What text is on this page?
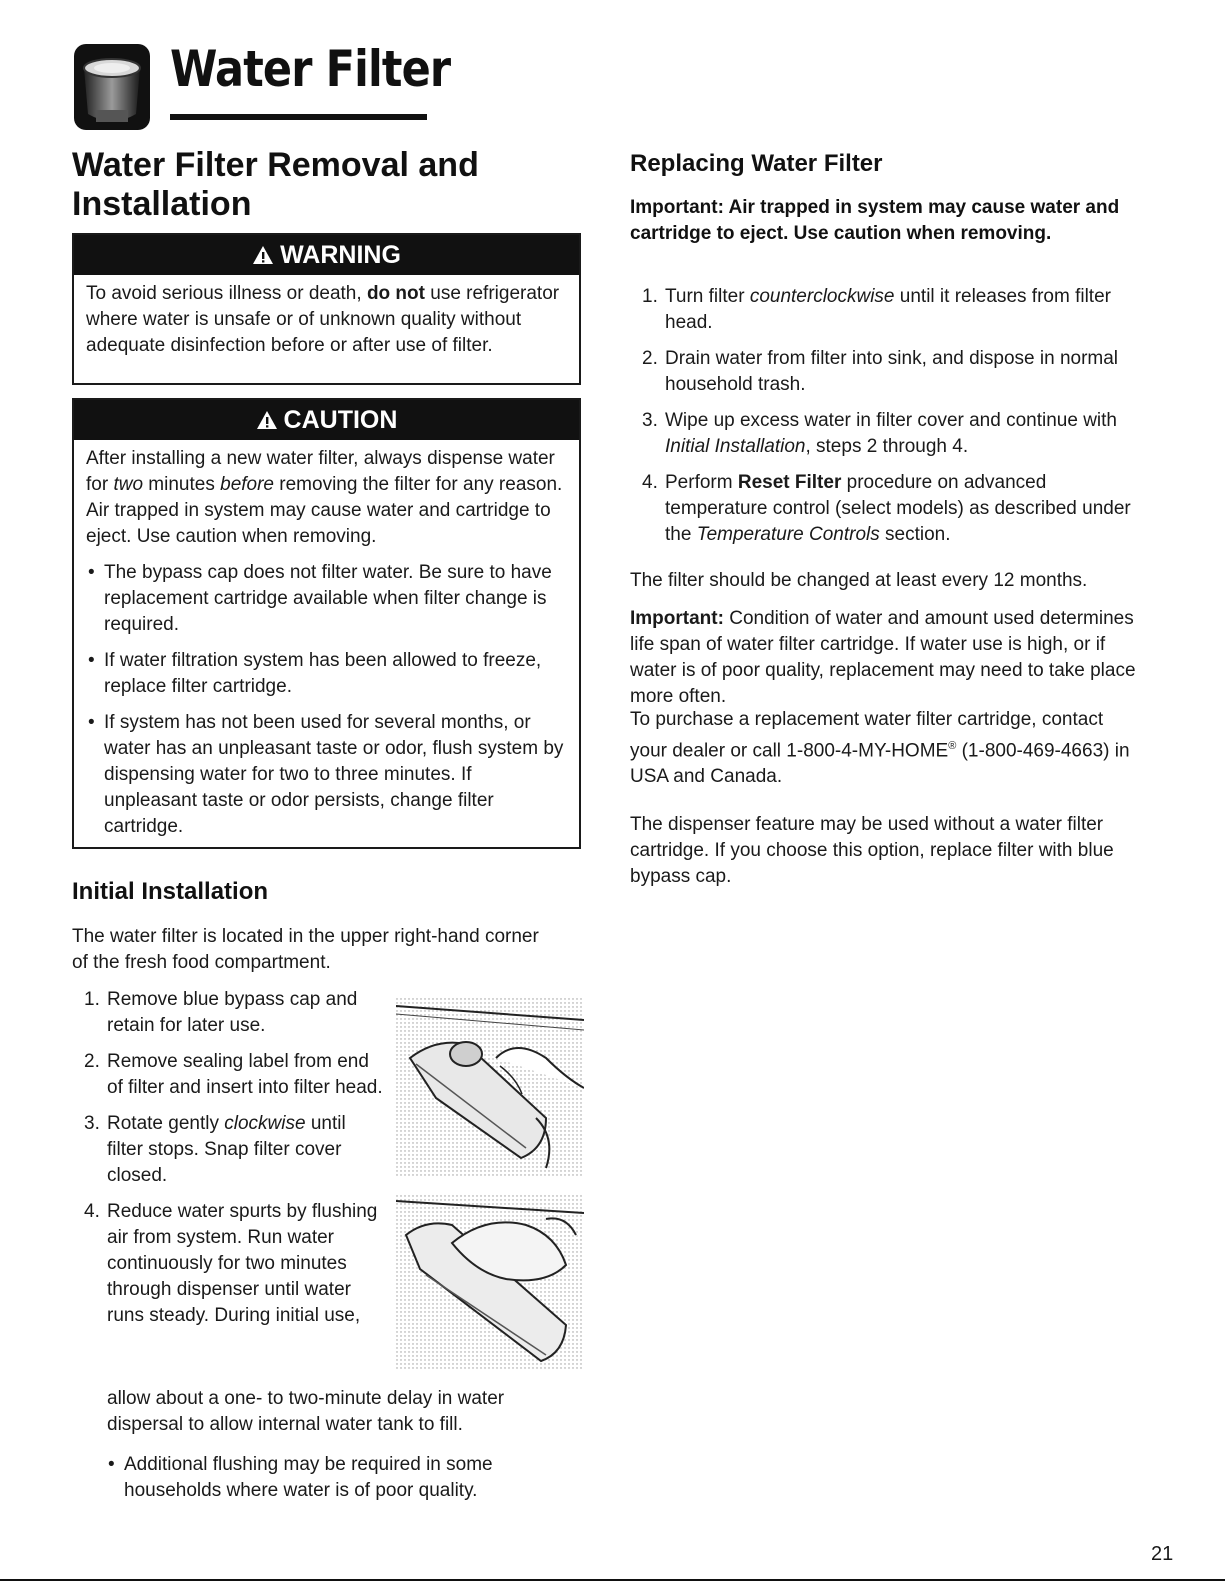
Water Filter
Water Filter Removal and Installation
WARNING
To avoid serious illness or death, do not use refrigerator where water is unsafe or of unknown quality without adequate disinfection before or after use of filter.
CAUTION

After installing a new water filter, always dispense water for two minutes before removing the filter for any reason. Air trapped in system may cause water and cartridge to eject. Use caution when removing.

• The bypass cap does not filter water. Be sure to have replacement cartridge available when filter change is required.
• If water filtration system has been allowed to freeze, replace filter cartridge.
• If system has not been used for several months, or water has an unpleasant taste or odor, flush system by dispensing water for two to three minutes. If unpleasant taste or odor persists, change filter cartridge.
Initial Installation

The water filter is located in the upper right-hand corner of the fresh food compartment.

1. Remove blue bypass cap and retain for later use.
2. Remove sealing label from end of filter and insert into filter head.
3. Rotate gently clockwise until filter stops. Snap filter cover closed.
4. Reduce water spurts by flushing air from system. Run water continuously for two minutes through dispenser until water runs steady. During initial use,

allow about a one- to two-minute delay in water dispersal to allow internal water tank to fill.

• Additional flushing may be required in some households where water is of poor quality.

Replacing Water Filter

Important: Air trapped in system may cause water and cartridge to eject. Use caution when removing.

1. Turn filter counterclockwise until it releases from filter head.
2. Drain water from filter into sink, and dispose in normal household trash.
3. Wipe up excess water in filter cover and continue with Initial Installation, steps 2 through 4.
4. Perform Reset Filter procedure on advanced temperature control (select models) as described under the Temperature Controls section.

The filter should be changed at least every 12 months.

Important: Condition of water and amount used determines life span of water filter cartridge. If water use is high, or if water is of poor quality, replacement may need to take place more often.

To purchase a replacement water filter cartridge, contact your dealer or call 1-800-4-MY-HOME® (1-800-469-4663) in USA and Canada.

The dispenser feature may be used without a water filter cartridge. If you choose this option, replace filter with blue bypass cap.

21
